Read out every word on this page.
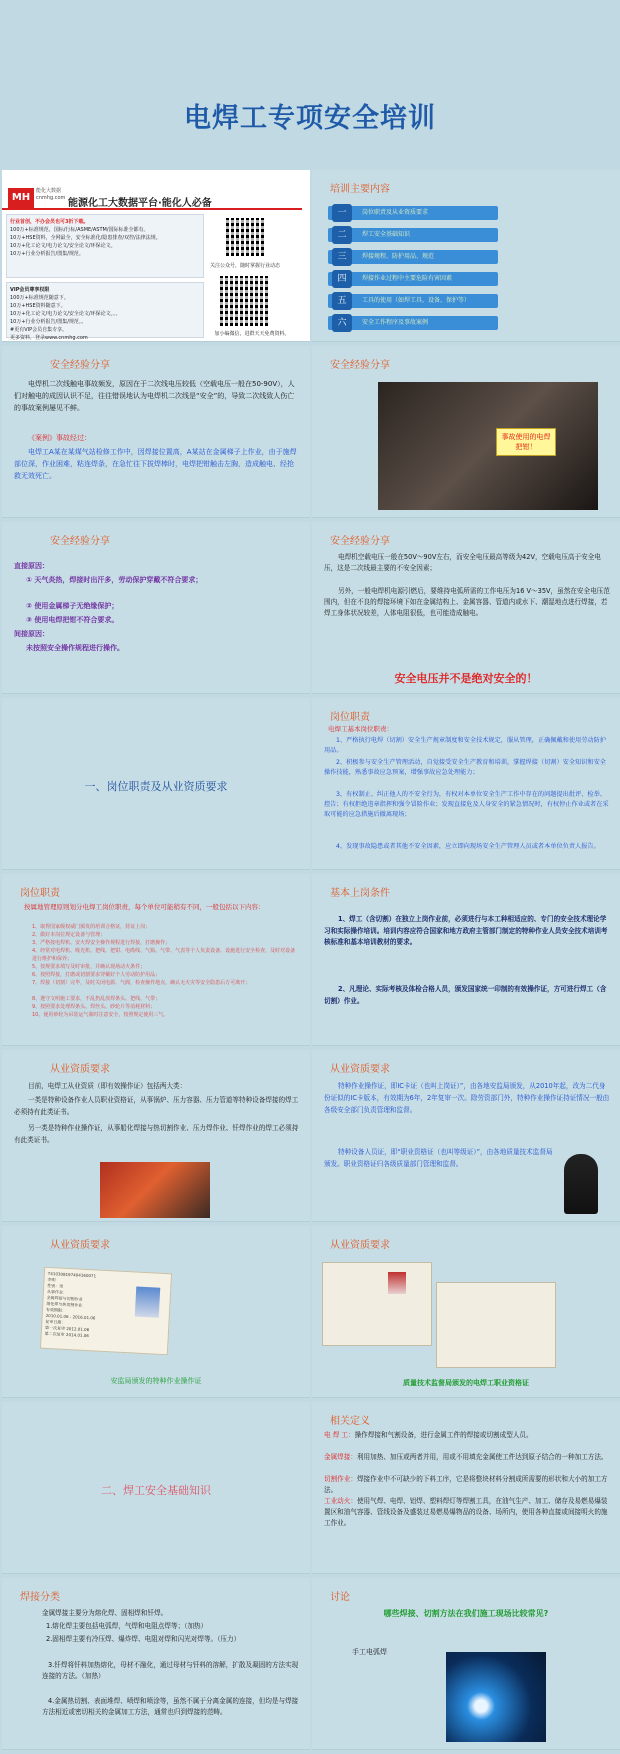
电焊工专项安全培训
MH
能化大数据
cnmhg.com 能源化工大数据平台·能化人必备
行业首创，不办会员也可3折下载。
100万+标准规范、国标/行标/ASME/ASTM/国际标准全都有。
10万+HSE资料，全网最全，安全标准化/隐患排查/双控/法律法规。
10万+化工论文/电力论文/安全论文/环保论文。
10万+行业分析报告/图集/规范。
VIP会员尊享权限
100万+标准规范随意下。
10万+HSE资料随意下。
10万+化工论文/电力论文/安全论文/环保论文。。。
10万+行业分析报告/图集/规范。。
#更有VIP会员自集专享。
更多资料，登录www.cnmhg.com
关注公众号，随时掌握行业动态
加小编微信，进群天天免费资料。
培训主要内容
一	岗位职责及从业资质要求
二	焊工安全基础知识
三	焊接规程、防护用品、规范
四	焊接作业过程中主要危险有害因素
五	工具的使用（如焊工具、设备、保护等）
六	安全工作程序及事故案例
安全经验分享
电焊机二次线触电事故频发，原因在于二次线电压较低（空载电压一般在50-90V），人们对触电的成因认识不足，往往错误地认为电焊机二次线是“安全”的，导致二次线致人伤亡的事故案例屡见不鲜。
《案例》事故经过：
电焊工A某在某煤气站检修工作中，因焊接位置高，A某站在金属梯子上作业，由于施焊部位深，作业困难，粘连焊条，在急忙往下拔焊棒时，电焊把钳触击左胸，造成触电、经抢救无效死亡。
安全经验分享
事故使用的电焊把钳！
安全经验分享
直接原因：
① 天气炎热，焊接时出汗多，劳动保护穿戴不符合要求；
② 使用金属梯子无绝缘保护；
③ 使用电焊把钳不符合要求。
间接原因：
未按照安全操作规程进行操作。
安全经验分享
电焊机空载电压一般在50V～90V左右，而安全电压最高等级为42V，空载电压高于安全电压，这是二次线最主要的不安全因素；
另外，一般电焊机电源引燃后，要维持电弧所需的工作电压为16 V～35V，虽然在安全电压范围内，但在不良的焊接环境下如在金属结构上、金属容器、管道内或水下、潮湿地点进行焊接，若焊工身体状况较差，人体电阻很低，也可能造成触电。
安全电压并不是绝对安全的！
一、岗位职责及从业资质要求
岗位职责
电焊工基本岗位职责：
1、严格执行电焊（切割）安全生产规章制度和安全技术规定，服从管理，正确佩戴和使用劳动防护用品。
2、积极参与安全生产管理活动，自觉接受安全生产教育和培训，掌握焊接（切割）安全知识和安全操作技能，熟悉事故应急预案，增强事故应急处理能力；
3、有权制止、纠正他人的不安全行为，有权对本单位安全生产工作中存在的问题提出批评、检举、控告；有权拒绝违章指挥和强令冒险作业；发现直接危及人身安全的紧急情况时，有权停止作业或者在采取可能的应急措施后撤离现场；
4、发现事故隐患或者其他不安全因素，应立即向现场安全生产管理人员或者本单位负责人报告。
岗位职责
按属地管理原则划分电焊工岗位职责，每个单位可能稍有不同，一般包括以下内容：
1、取得国家级权威门颁发的培训合格证，持证上岗；
2、做好本岗位规定设备与管理；
3、严格按电焊机、安火焊安全操作规程进行焊接，打磨操作；
4、经常对电焊机、吸光机、把线、把钳、电缆线、气瓶、气带、气表等个人负责设备、设施进行安全检查，及时对设备进行维护和保养；
5、按规要求填写及时审批，并确认现场动火条件；
6、按照焊接，打磨或切割要求穿戴好个人劳动防护用品；
7、焊接（切割）完毕，及时关闭电源、气阀，检查操作地点，确认无火灾等安全隐患后方可离开；
8、遵守文明施工要求，不乱扔乱放焊条头、把线、气带；
9、按照要求处理焊条头、焊丝头、砂轮片等消耗材料；
10、使用砂轮为吊装运气瓶时注意安全，按照规定使用三气。
基本上岗条件
1、焊工（含切割）在独立上岗作业前，必须进行与本工种相适应的、专门的安全技术理论学习和实际操作培训。培训内容应符合国家和地方政府主管部门制定的特种作业人员安全技术培训考核标准和基本培训教材的要求。
2、凡理论、实际考核及体检合格人员，颁发国家统一印制的有效操作证，方可进行焊工（含切割）作业。
从业资质要求
目前，电焊工从业资质（即有效操作证）包括两大类：
一类是特种设备作业人员职业资格证，从事锅炉、压力容器、压力管道等特种设备焊接的焊工必须持有此类证书。
另一类是特种作业操作证，从事船化焊接与热切割作业、压力焊作业、钎焊作业的焊工必须持有此类证书。
从业资质要求
特种作业操作证，即IC卡证（也叫上岗证）”，由各地安监局颁发，从2010年起，改为二代身份证似的IC卡版本，有效期为6年，2年复审一次。除劳资部门外，特种作业操作证持证情况一般由各级安全部门负责管理和监督。
特种设备人员证，即“职业资格证（也叫等级证）”，由各地质量技术监督局颁发。职业资格证归各级质量部门管理和监督。
从业资质要求
T410308197404160071
李明
性别：男
从事作业：
金属焊接与切割作业
熔化焊与热切割作业
有效期限：
2010.01.06 - 2016.01.06
复审日期：
第一次复审 2012.01.06
第二次复审 2014.01.06
安监局颁发的特种作业操作证
从业资质要求
质量技术监督局颁发的电焊工职业资格证
二、焊工安全基础知识
相关定义
电 焊 工：操作焊接和气割设备，进行金属工件的焊接或切割成型人员。
金属焊接：利用加热、加压或两者并用，用或不用填充金属使工件达到原子结合的一种加工方法。
切割作业：焊接作业中不可缺少的下料工序，它是将整块材料分割成所需要的形状和大小的加工方法。
工业动火：使用气焊、电焊、铝焊、塑料焊灯等焊割工具，在油气生产、加工、储存及易燃易爆装置区和油气容器、管线设备及盛装过易燃易爆物品的设备、场所内，使用各种直接或间接明火的施工作业。
焊接分类
金属焊接主要分为熔化焊、固相焊和钎焊。
1.熔化焊主要包括电弧焊，气焊和电阻点焊等；（加热）
2.固相焊主要有冷压焊、爆炸焊、电阻对焊和闪光对焊等。（压力）
3.钎焊将钎料加热熔化，母材不融化，通过母材与钎料的溶解，扩散及凝固的方法实现连接的方法。（加热）
4.金属热切割、表面堆焊、喷焊和喷涂等，虽然不属于分离金属的连接，但均是与焊接方法相近或密切相关的金属加工方法，通常也归到焊接的范畴。
讨论
哪些焊接、切割方法在我们施工现场比较常见?
手工电弧焊
